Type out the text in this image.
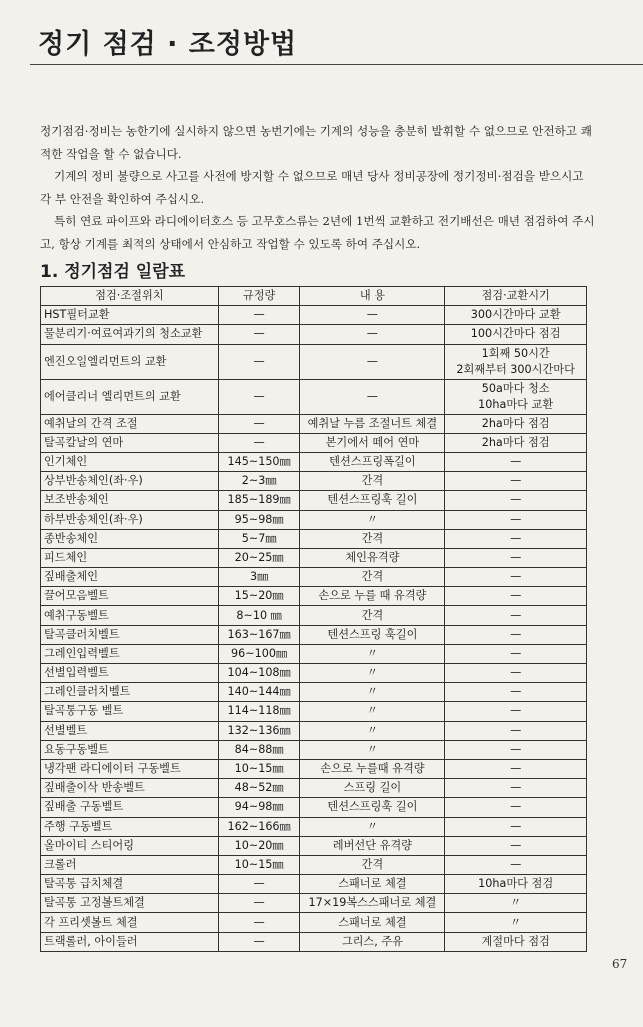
정기 점검 · 조정방법

정기점검·정비는 농한기에 실시하지 않으면 농번기에는 기계의 성능을 충분히 발휘할 수 없으므로 안전하고 쾌적한 작업을 할 수 없습니다.

기계의 정비 불량으로 사고를 사전에 방지할 수 없으므로 매년 당사 정비공장에 정기정비·점검을 받으시고 각 부 안전을 확인하여 주십시오.

특히 연료 파이프와 라디에이터호스 등 고무호스류는 2년에 1번씩 교환하고 전기배선은 매년 점검하여 주시고, 항상 기계를 최적의 상태에서 안심하고 작업할 수 있도록 하여 주십시오.

1. 정기점검 일람표
점검·조절위치	규정량	내 용	점검·교환시기
HST필터교환	—	—	300시간마다 교환
물분리기·여료여과기의 청소교환	—	—	100시간마다 점검
엔진오일엘리먼트의 교환	—	—	1회째 50시간
2회째부터 300시간마다

에어클리너 엘리먼트의 교환	—	—	50a마다 청소
10ha마다 교환

예취날의 간격 조절	—	예취날 누름 조절너트 체결	2ha마다 점검
탈곡칼날의 연마	—	본기에서 떼어 연마	2ha마다 점검
인기체인	145~150㎜	텐션스프링폭길이	—
상부반송체인(좌·우)	2~3㎜	간격	—
보조반송체인	185~189㎜	텐션스프링훅 길이	—
하부반송체인(좌·우)	95~98㎜	〃	—
종반송체인	5~7㎜	간격	—
피드체인	20~25㎜	체인유격량	—
짚배출체인	3㎜	간격	—
끌어모음벨트	15~20㎜	손으로 누를 때 유격량	—
예취구동벨트	8~10 ㎜	간격	—
탈곡클러치벨트	163~167㎜	텐션스프링 훅길이	—
그레인입력벨트	96~100㎜	〃	—
선별입력벨트	104~108㎜	〃	—
그레인클러치벨트	140~144㎜	〃	—
탈곡통구동 벨트	114~118㎜	〃	—
선별벨트	132~136㎜	〃	—
요동구동벨트	84~88㎜	〃	—
냉각팬 라디에이터 구동벨트	10~15㎜	손으로 누를때 유격량	—
짚배출이삭 반송벨트	48~52㎜	스프링 길이	—
짚배출 구동벨트	94~98㎜	텐션스프링훅 길이	—
주행 구동벨트	162~166㎜	〃	—
올마이티 스티어링	10~20㎜	레버선단 유격량	—
크롤러	10~15㎜	간격	—
탈곡통 급치체결	—	스패너로 체결	10ha마다 점검
탈곡통 고정볼트체결	—	17×19복스스패너로 체결	〃
각 프리셋볼트 체결	—	스패너로 체결	〃
트랙롤러, 아이들러	—	그리스, 주유	계절마다 점검
67
